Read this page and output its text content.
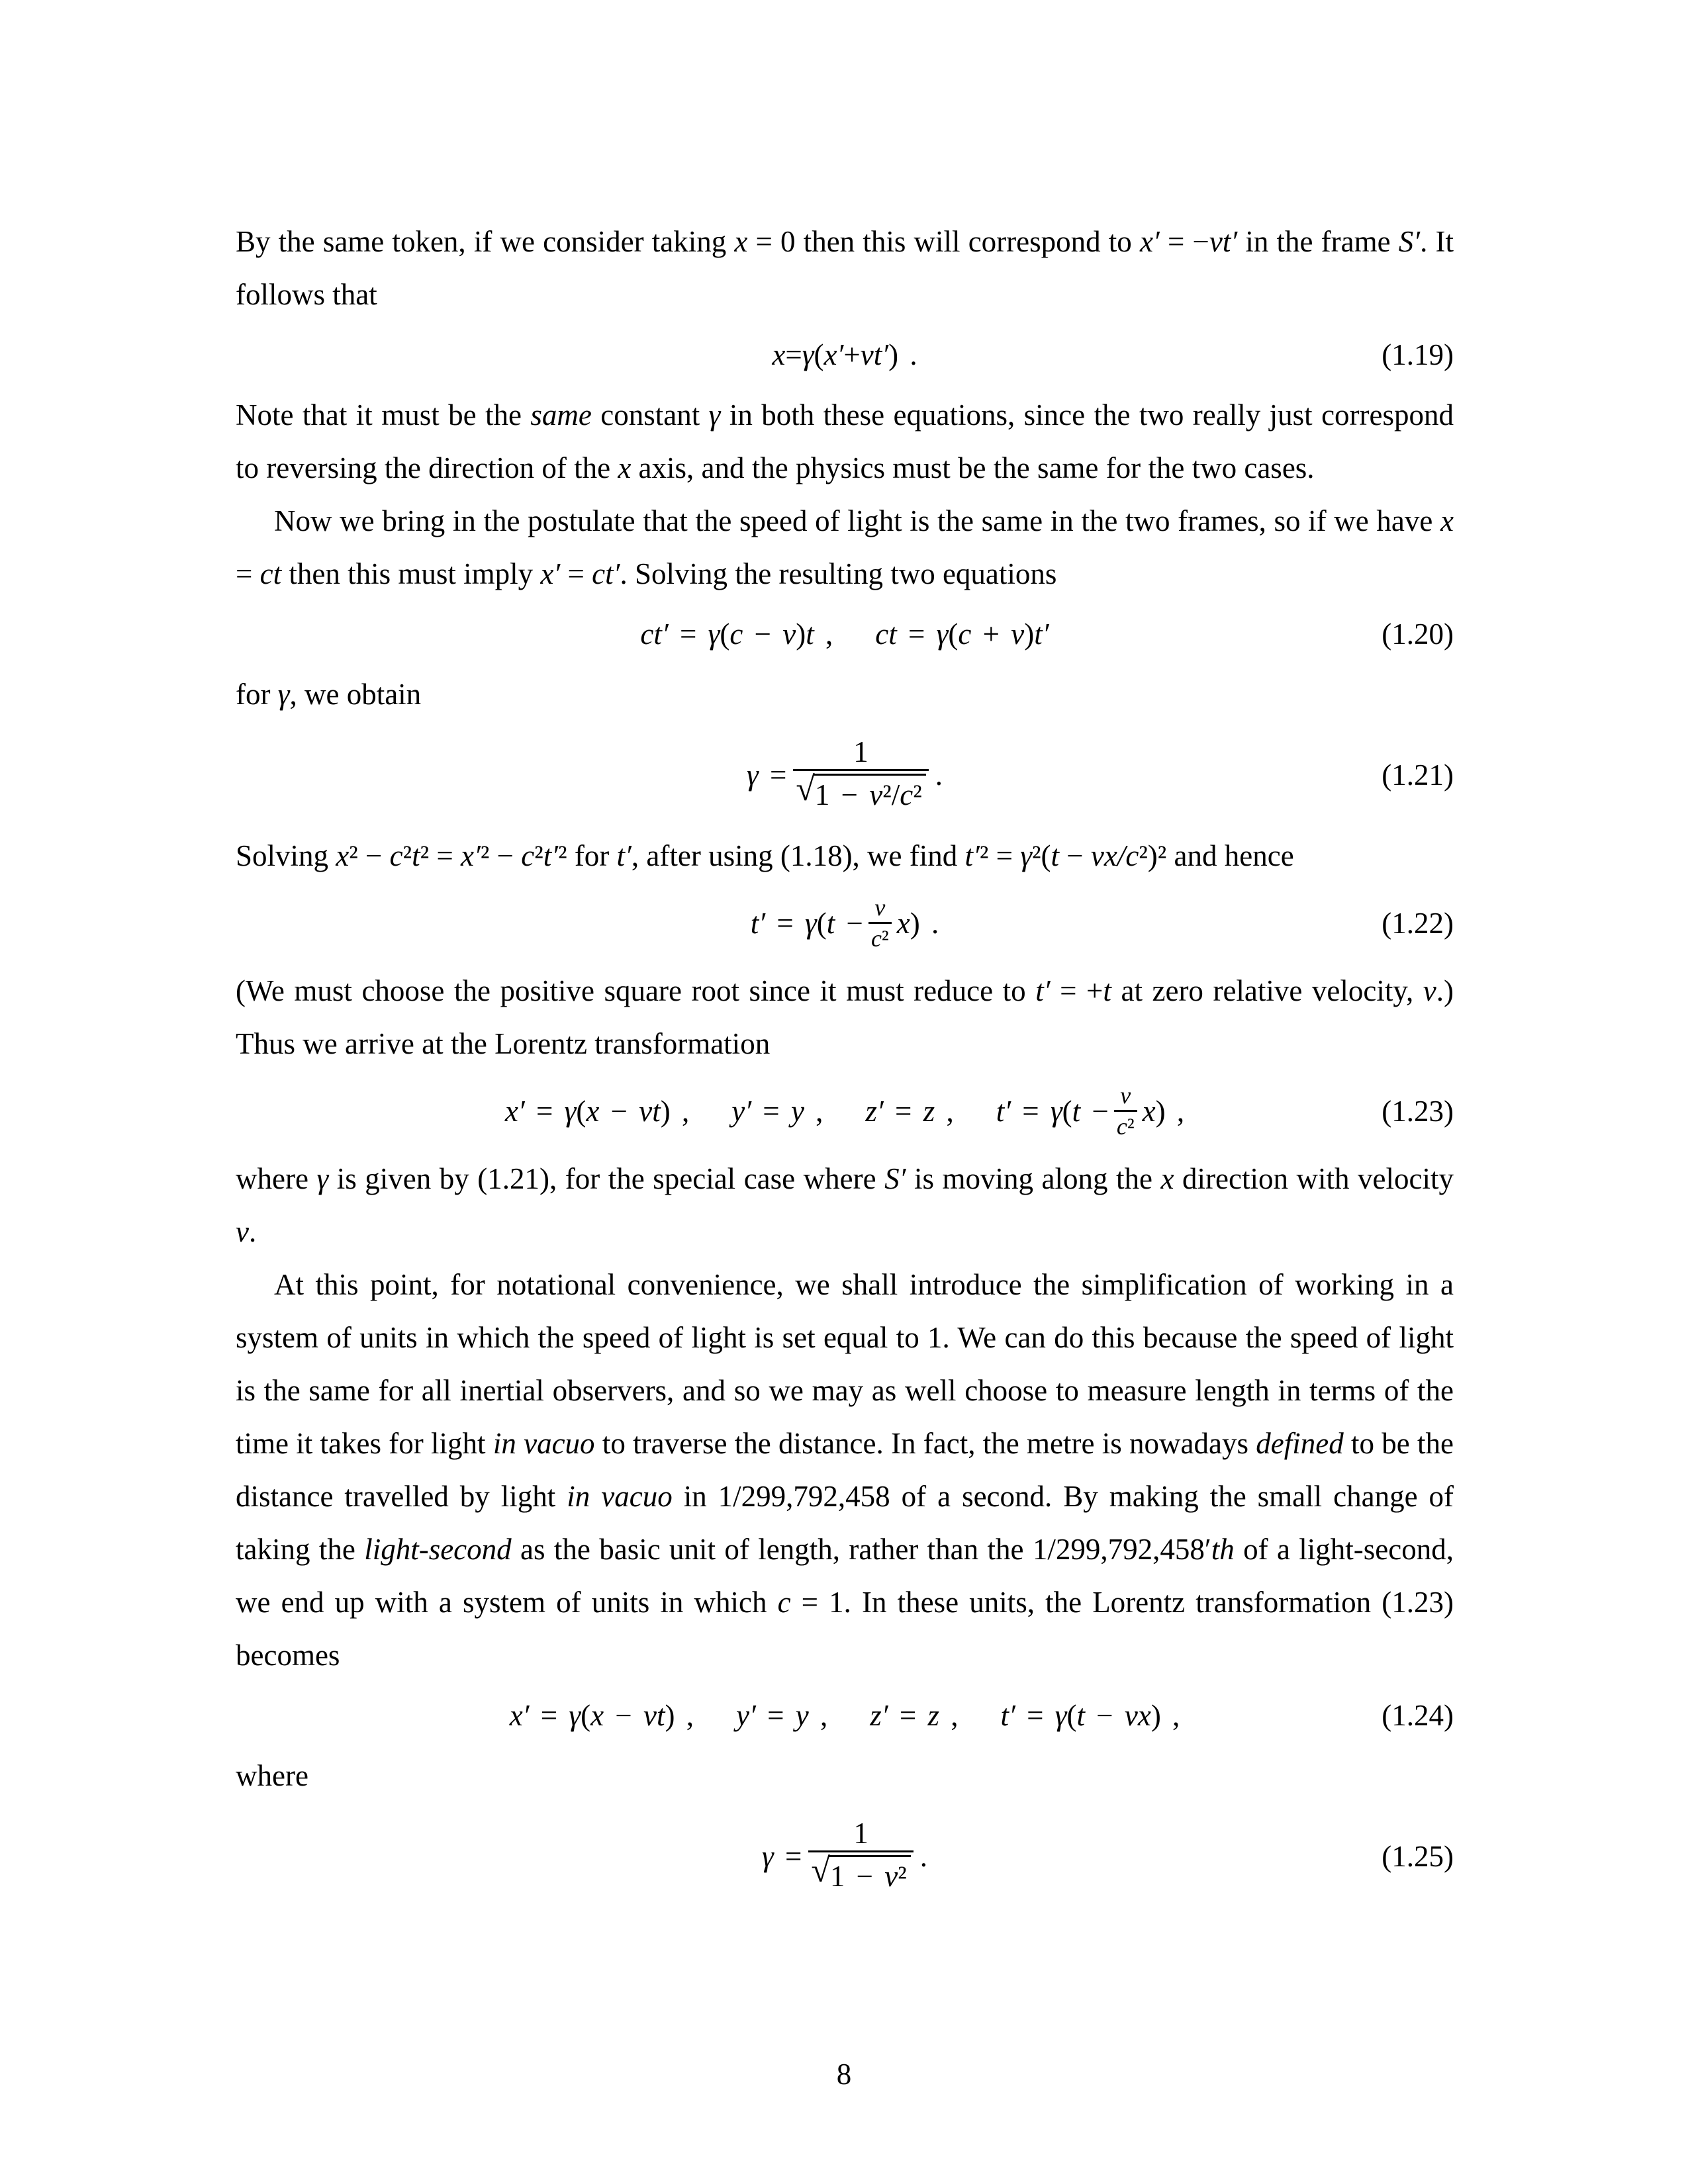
By the same token, if we consider taking x = 0 then this will correspond to x′ = −vt′ in the frame S′. It follows that

x = γ ( x′ + vt′ ) .	(1.19)

Note that it must be the same constant γ in both these equations, since the two really just correspond to reversing the direction of the x axis, and the physics must be the same for the two cases.

Now we bring in the postulate that the speed of light is the same in the two frames, so if we have x = ct then this must imply x′ = ct′. Solving the resulting two equations

ct′ = γ(c − v)t , ct = γ(c + v)t′	(1.20)

for γ, we obtain

$\gamma = \frac{1}{\text{√ 1 − v²/c²}}$ .	(1.21)

Solving x² − c²t² = x′² − c²t′² for t′, after using (1.18), we find t′² = γ²(t − vx/c²)² and hence

$t' = \gamma(t - \frac{v}{\text{c²}} x)$ .	(1.22)

(We must choose the positive square root since it must reduce to t′ = +t at zero relative velocity, v.) Thus we arrive at the Lorentz transformation

x′ = γ(x − vt) , y′ = y , z′ = z , $t' = \gamma(t - \frac{v}{\text{c²}} x)$ ,	(1.23)

where γ is given by (1.21), for the special case where S′ is moving along the x direction with velocity v.

At this point, for notational convenience, we shall introduce the simplification of working in a system of units in which the speed of light is set equal to 1. We can do this because the speed of light is the same for all inertial observers, and so we may as well choose to measure length in terms of the time it takes for light in vacuo to traverse the distance. In fact, the metre is nowadays defined to be the distance travelled by light in vacuo in 1/299,792,458 of a second. By making the small change of taking the light-second as the basic unit of length, rather than the 1/299,792,458′th of a light-second, we end up with a system of units in which c = 1. In these units, the Lorentz transformation (1.23) becomes

x′ = γ(x − vt) , y′ = y , z′ = z , t′ = γ(t − vx) ,	(1.24)

where

$\gamma = \frac{1}{\text{√ 1 − v²}}$ .	(1.25)
8
